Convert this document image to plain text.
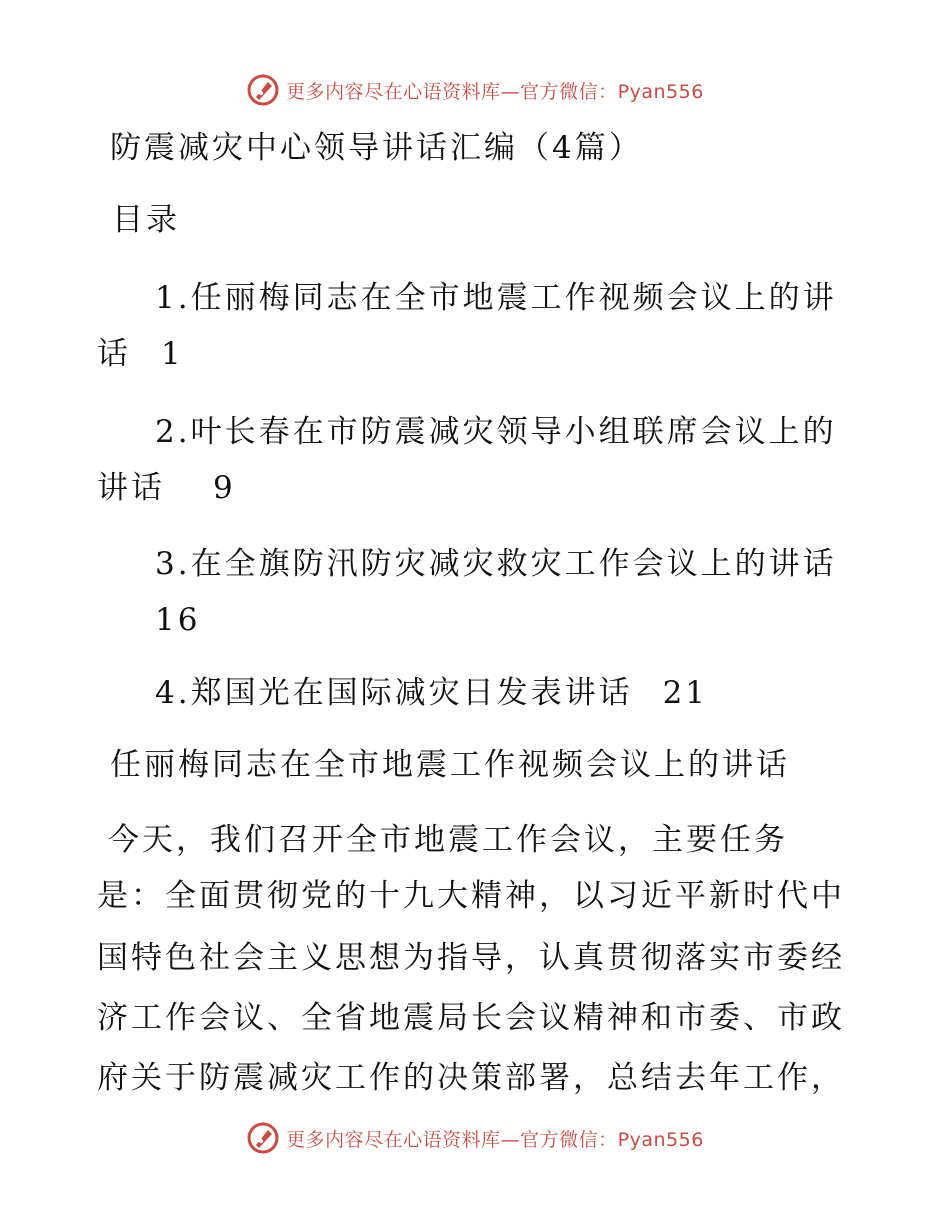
更多内容尽在心语资料库—官方微信：Pyan556
防震减灾中心领导讲话汇编（4篇）
目录
1.任丽梅同志在全市地震工作视频会议上的讲
话 1
2.叶长春在市防震减灾领导小组联席会议上的
讲话 9
3.在全旗防汛防灾减灾救灾工作会议上的讲话
16
4.郑国光在国际减灾日发表讲话 21
任丽梅同志在全市地震工作视频会议上的讲话
今天，我们召开全市地震工作会议，主要任务
是：全面贯彻党的十九大精神，以习近平新时代中
国特色社会主义思想为指导，认真贯彻落实市委经
济工作会议、全省地震局长会议精神和市委、市政
府关于防震减灾工作的决策部署，总结去年工作，
更多内容尽在心语资料库—官方微信：Pyan556
